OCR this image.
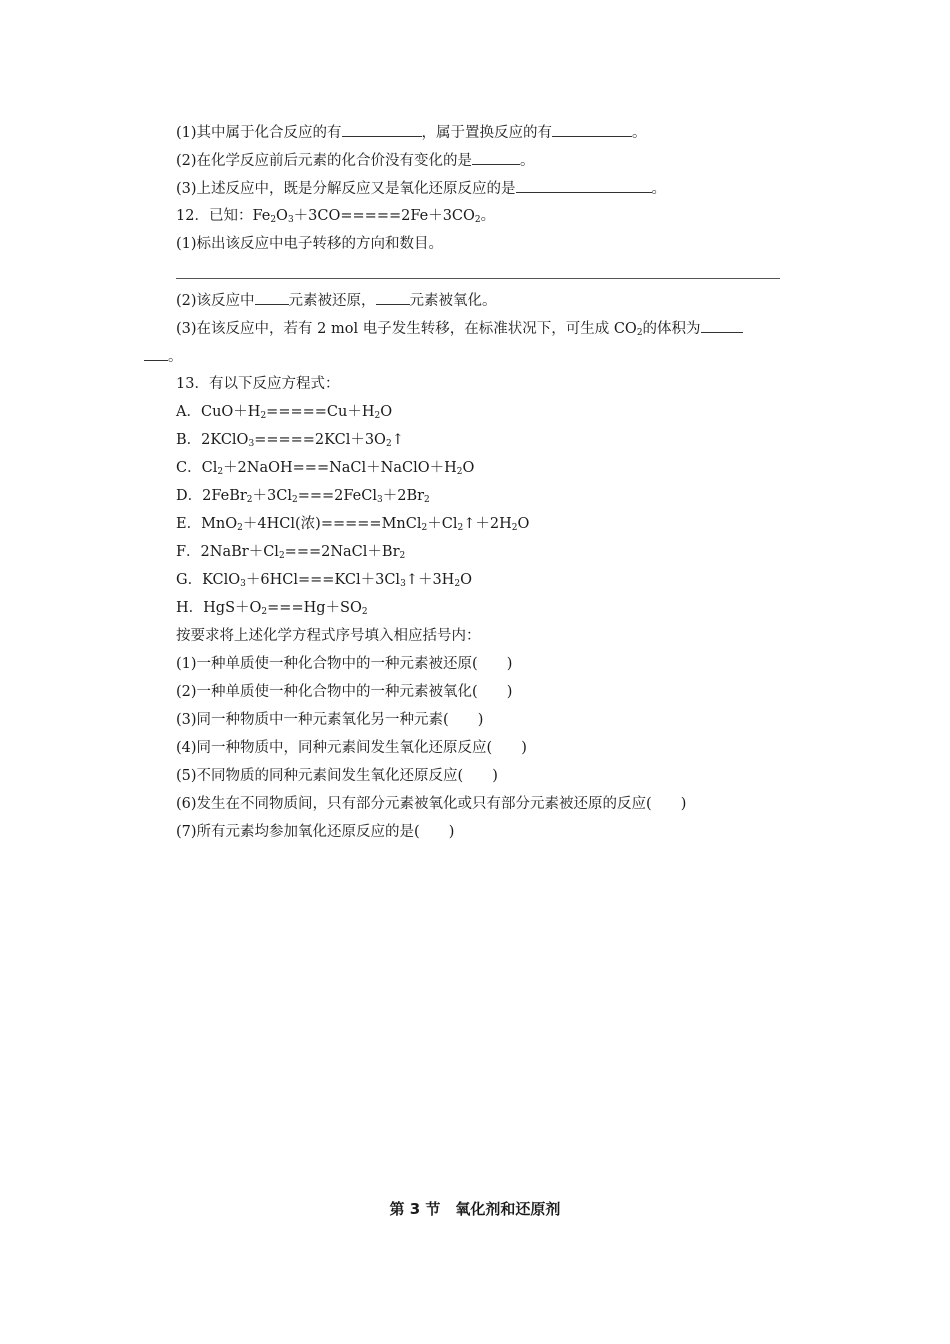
(1)其中属于化合反应的有	，属于置换反应的有	。
(2)在化学反应前后元素的化合价没有变化的是	。
(3)上述反应中，既是分解反应又是氧化还原反应的是	。
12．已知：$Fe_2O_3+3CO=====2Fe+3CO_2$。
(1)标出该反应中电子转移的方向和数目。
(2)该反应中 元素被还原， 元素被氧化。
(3)在该反应中，若有 2 mol 电子发生转移，在标准状况下，可生成 $CO_2$的体积为
。
13．有以下反应方程式：
A．$CuO+H_2=====Cu+H_2O$
B．$2KClO_3=====2KCl+3O_2↑$
C．$Cl_2+2NaOH===NaCl+NaClO+H_2O$
D．$2FeBr_2+3Cl_2===2FeCl_3+2Br_2$
E．MnO$_2$＋4HCl(浓)$=====MnCl_2+Cl_2↑+2H_2O$
F．$2NaBr+Cl_2===2NaCl+Br_2$
G．$KClO_3+6HCl===KCl+3Cl_3↑+3H_2O$
H．$HgS+O_2===Hg+SO_2$
按要求将上述化学方程式序号填入相应括号内：
(1)一种单质使一种化合物中的一种元素被还原(　　)
(2)一种单质使一种化合物中的一种元素被氧化(　　)
(3)同一种物质中一种元素氧化另一种元素(　　)
(4)同一种物质中，同种元素间发生氧化还原反应(　　)
(5)不同物质的同种元素间发生氧化还原反应(　　)
(6)发生在不同物质间，只有部分元素被氧化或只有部分元素被还原的反应(　　)
(7)所有元素均参加氧化还原反应的是(　　)
第 3 节　氧化剂和还原剂
